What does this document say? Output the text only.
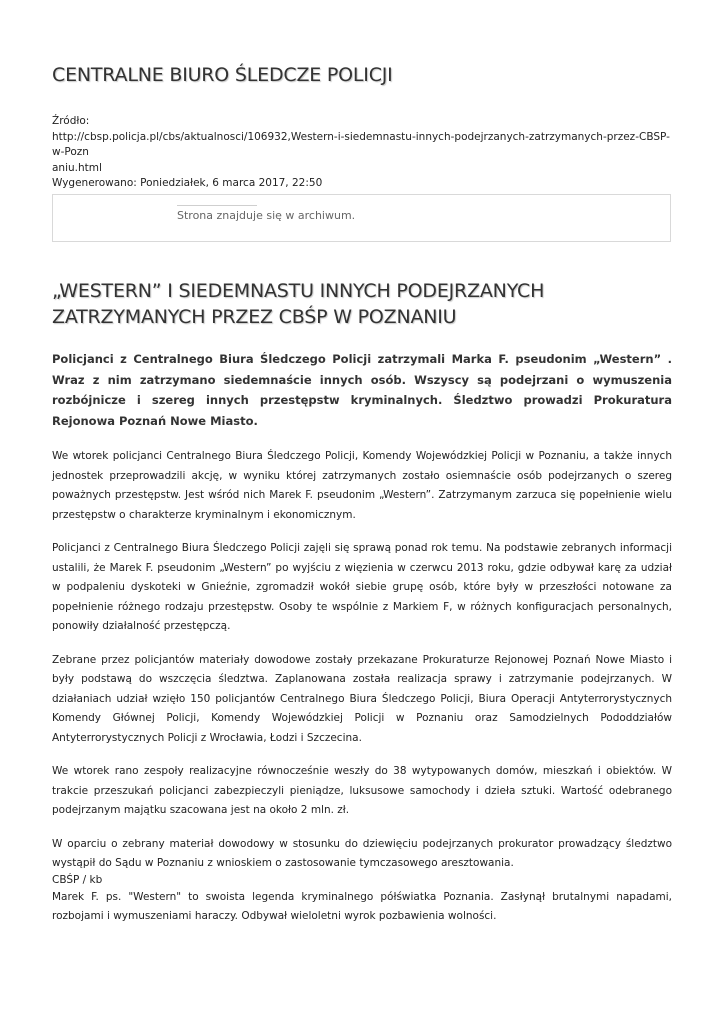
CENTRALNE BIURO ŚLEDCZE POLICJI
Źródło:
http://cbsp.policja.pl/cbs/aktualnosci/106932,Western-i-siedemnastu-innych-podejrzanych-zatrzymanych-przez-CBSP-w-Pozn
aniu.html
Wygenerowano: Poniedziałek, 6 marca 2017, 22:50
Strona znajduje się w archiwum.
„WESTERN” I SIEDEMNASTU INNYCH PODEJRZANYCH
ZATRZYMANYCH PRZEZ CBŚP W POZNANIU

Policjanci z Centralnego Biura Śledczego Policji zatrzymali Marka F. pseudonim „Western” . Wraz z nim zatrzymano siedemnaście innych osób. Wszyscy są podejrzani o wymuszenia rozbójnicze i szereg innych przestępstw kryminalnych. Śledztwo prowadzi Prokuratura Rejonowa Poznań Nowe Miasto.

We wtorek policjanci Centralnego Biura Śledczego Policji, Komendy Wojewódzkiej Policji w Poznaniu, a także innych jednostek przeprowadzili akcję, w wyniku której zatrzymanych zostało osiemnaście osób podejrzanych o szereg poważnych przestępstw. Jest wśród nich Marek F. pseudonim „Western”. Zatrzymanym zarzuca się popełnienie wielu przestępstw o charakterze kryminalnym i ekonomicznym.

Policjanci z Centralnego Biura Śledczego Policji zajęli się sprawą ponad rok temu. Na podstawie zebranych informacji ustalili, że Marek F. pseudonim „Western” po wyjściu z więzienia w czerwcu 2013 roku, gdzie odbywał karę za udział w podpaleniu dyskoteki w Gnieźnie, zgromadził wokół siebie grupę osób, które były w przeszłości notowane za popełnienie różnego rodzaju przestępstw. Osoby te wspólnie z Markiem F, w różnych konfiguracjach personalnych, ponowiły działalność przestępczą.

Zebrane przez policjantów materiały dowodowe zostały przekazane Prokuraturze Rejonowej Poznań Nowe Miasto i były podstawą do wszczęcia śledztwa. Zaplanowana została realizacja sprawy i zatrzymanie podejrzanych. W działaniach udział wzięło 150 policjantów Centralnego Biura Śledczego Policji, Biura Operacji Antyterrorystycznych Komendy Głównej Policji, Komendy Wojewódzkiej Policji w Poznaniu oraz Samodzielnych Pododdziałów Antyterrorystycznych Policji z Wrocławia, Łodzi i Szczecina.

We wtorek rano zespoły realizacyjne równocześnie weszły do 38 wytypowanych domów, mieszkań i obiektów. W trakcie przeszukań policjanci zabezpieczyli pieniądze, luksusowe samochody i dzieła sztuki. Wartość odebranego podejrzanym majątku szacowana jest na około 2 mln. zł.

W oparciu o zebrany materiał dowodowy w stosunku do dziewięciu podejrzanych prokurator prowadzący śledztwo wystąpił do Sądu w Poznaniu z wnioskiem o zastosowanie tymczasowego aresztowania.

Marek F. ps. "Western" to swoista legenda kryminalnego półświatka Poznania. Zasłynął brutalnymi napadami, rozbojami i wymuszeniami haraczy. Odbywał wieloletni wyrok pozbawienia wolności.

CBŚP / kb
